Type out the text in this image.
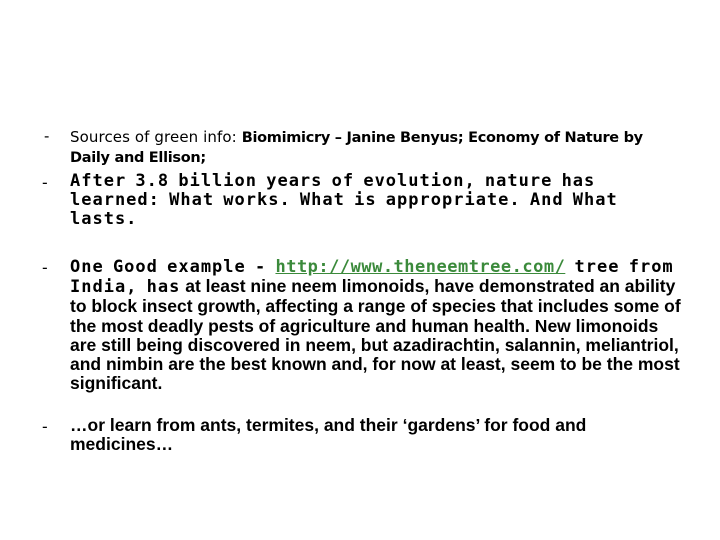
-	Sources of green info: Biomimicry – Janine Benyus; Economy of Nature by Daily and Ellison;
-	After 3.8 billion years of evolution, nature has learned: What works. What is appropriate. And What lasts.
-	One Good example - http://www.theneemtree.com/ tree from India, has at least nine neem limonoids, have demonstrated an ability to block insect growth, affecting a range of species that includes some of the most deadly pests of agriculture and human health. New limonoids are still being discovered in neem, but azadirachtin, salannin, meliantriol, and nimbin are the best known and, for now at least, seem to be the most significant.
-	…or learn from ants, termites, and their ‘gardens’ for food and medicines…
